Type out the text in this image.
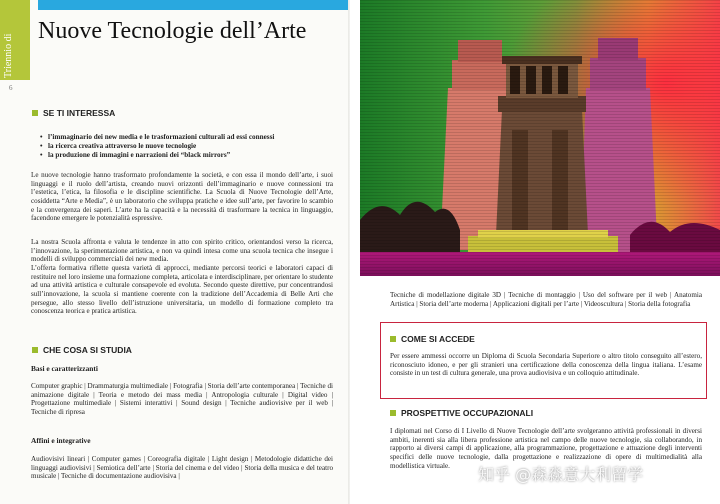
Triennio di
6
Nuove Tecnologie dell’Arte
SE TI INTERESSA
• l’immaginario dei new media e le trasformazioni culturali ad essi connessi
• la ricerca creativa attraverso le nuove tecnologie
• la produzione di immagini e narrazioni dei “black mirrors”
Le nuove tecnologie hanno trasformato profondamente la società, e con essa il mondo dell’arte, i suoi linguaggi e il ruolo dell’artista, creando nuovi orizzonti dell’immaginario e nuove connessioni tra l’estetica, l’etica, la filosofia e le discipline scientifiche. La Scuola di Nuove Tecnologie dell’Arte, cosiddetta “Arte e Media”, è un laboratorio che sviluppa pratiche e idee sull’arte, per favorire lo scambio e la convergenza dei saperi. L’arte ha la capacità e la necessità di trasformare la tecnica in linguaggio, facendone emergere le potenzialità espressive.
La nostra Scuola affronta e valuta le tendenze in atto con spirito critico, orientandosi verso la ricerca, l’innovazione, la sperimentazione artistica, e non va quindi intesa come una scuola tecnica che insegue i modelli di sviluppo commerciali dei new media.
L’offerta formativa riflette questa varietà di approcci, mediante percorsi teorici e laboratori capaci di restituire nel loro insieme una formazione completa, articolata e interdisciplinare, per orientare lo studente ad una attività artistica e culturale consapevole ed evoluta. Secondo queste direttive, pur concentrandosi sull’innovazione, la scuola si mantiene coerente con la tradizione dell’Accademia di Belle Arti che persegue, allo stesso livello dell’istruzione universitaria, un modello di formazione completo tra conoscenza teorica e pratica artistica.
CHE COSA SI STUDIA
Basi e caratterizzanti
Computer graphic | Drammaturgia multimediale | Fotografia | Storia dell’arte contemporanea | Tecniche di animazione digitale | Teoria e metodo dei mass media | Antropologia culturale | Digital video | Progettazione multimediale | Sistemi interattivi | Sound design | Tecniche audiovisive per il web | Tecniche di ripresa
Affini e integrative
Audiovisivi lineari | Computer games | Coreografia digitale | Light design | Metodologie didattiche dei linguaggi audiovisivi | Semiotica dell’arte | Storia del cinema e del video | Storia della musica e del teatro musicale | Tecniche di documentazione audiovisiva |
Tecniche di modellazione digitale 3D | Tecniche di montaggio | Uso del software per il web | Anatomia Artistica | Storia dell’arte moderna | Applicazioni digitali per l’arte | Videoscultura | Storia della fotografia
COME SI ACCEDE
Per essere ammessi occorre un Diploma di Scuola Secondaria Superiore o altro titolo conseguito all’estero, riconosciuto idoneo, e per gli stranieri una certificazione della conoscenza della lingua italiana. L’esame consiste in un test di cultura generale, una prova audiovisiva e un colloquio attitudinale.
PROSPETTIVE OCCUPAZIONALI
I diplomati nel Corso di I Livello di Nuove Tecnologie dell’arte svolgeranno attività professionali in diversi ambiti, inerenti sia alla libera professione artistica nel campo delle nuove tecnologie, sia collaborando, in rapporto ai diversi campi di applicazione, alla programmazione, progettazione e attuazione degli interventi specifici delle nuove tecnologie, dalla progettazione e realizzazione di opere di multimedialità alla modellistica virtuale.	知乎 @森淼意大利留学
